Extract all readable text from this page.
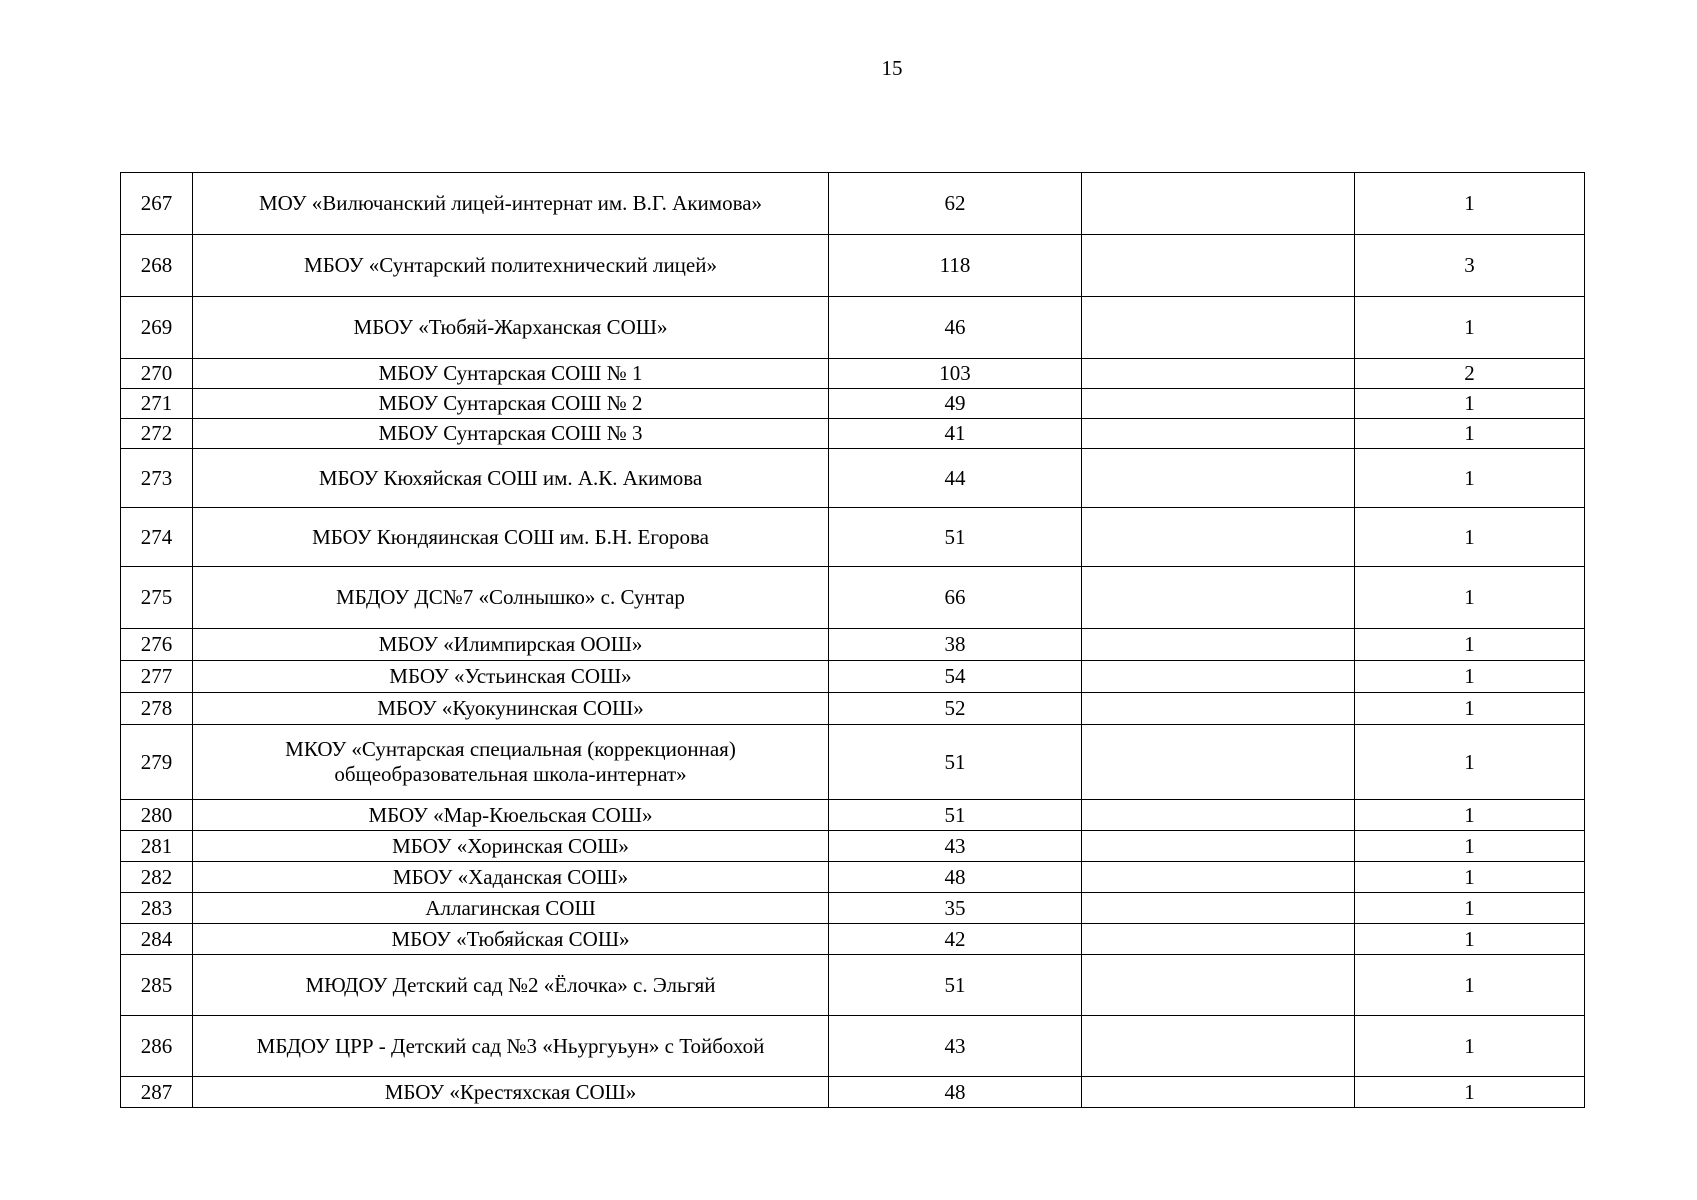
15
267	МОУ «Вилючанский лицей-интернат им. В.Г. Акимова»	62		1
268	МБОУ «Сунтарский политехнический лицей»	118		3
269	МБОУ «Тюбяй-Жарханская СОШ»	46		1
270	МБОУ Сунтарская СОШ № 1	103		2
271	МБОУ Сунтарская СОШ № 2	49		1
272	МБОУ Сунтарская СОШ № 3	41		1
273	МБОУ Кюхяйская СОШ им. А.К. Акимова	44		1
274	МБОУ Кюндяинская СОШ им. Б.Н. Егорова	51		1
275	МБДОУ ДС№7 «Солнышко» с. Сунтар	66		1
276	МБОУ «Илимпирская ООШ»	38		1
277	МБОУ «Устьинская СОШ»	54		1
278	МБОУ «Куокунинская СОШ»	52		1
279	МКОУ «Сунтарская специальная (коррекционная) общеобразовательная школа-интернат»	51		1
280	МБОУ «Мар-Кюельская СОШ»	51		1
281	МБОУ «Хоринская СОШ»	43		1
282	МБОУ «Хаданская СОШ»	48		1
283	Аллагинская СОШ	35		1
284	МБОУ «Тюбяйская СОШ»	42		1
285	МЮДОУ Детский сад №2 «Ёлочка» с. Эльгяй	51		1
286	МБДОУ ЦРР - Детский сад №3 «Ньургуьун» с Тойбохой	43		1
287	МБОУ «Крестяхская СОШ»	48		1
